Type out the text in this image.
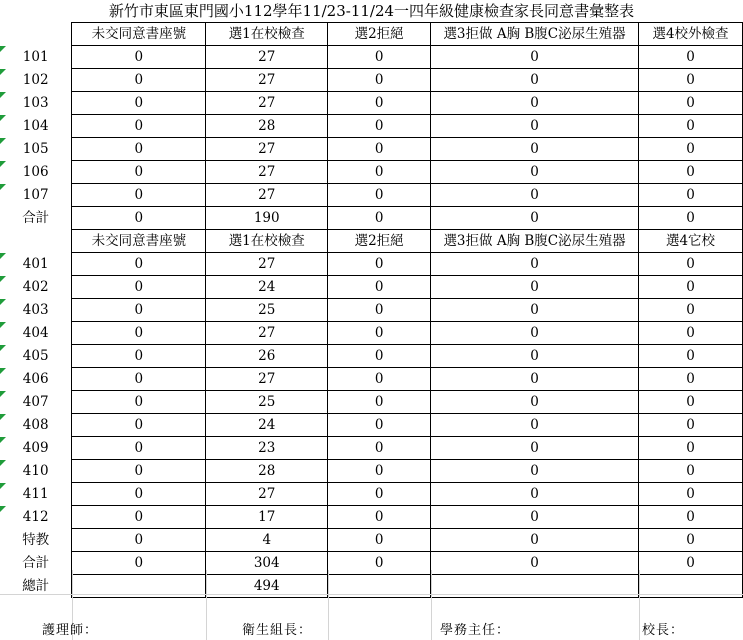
新竹市東區東門國小112學年11/23-11/24一四年級健康檢查家長同意書彙整表
	未交同意書座號	選1在校檢查	選2拒絕	選3拒做 A胸 B腹C泌尿生殖器	選4校外檢查
101	0	27	0	0	0
102	0	27	0	0	0
103	0	27	0	0	0
104	0	28	0	0	0
105	0	27	0	0	0
106	0	27	0	0	0
107	0	27	0	0	0
合計	0	190	0	0	0
	未交同意書座號	選1在校檢查	選2拒絕	選3拒做 A胸 B腹C泌尿生殖器	選4它校
401	0	27	0	0	0
402	0	24	0	0	0
403	0	25	0	0	0
404	0	27	0	0	0
405	0	26	0	0	0
406	0	27	0	0	0
407	0	25	0	0	0
408	0	24	0	0	0
409	0	23	0	0	0
410	0	28	0	0	0
411	0	27	0	0	0
412	0	17	0	0	0
特教	0	4	0	0	0
合計	0	304	0	0	0
總計		494			
護理師：	衛生組長：	學務主任：	校長：
